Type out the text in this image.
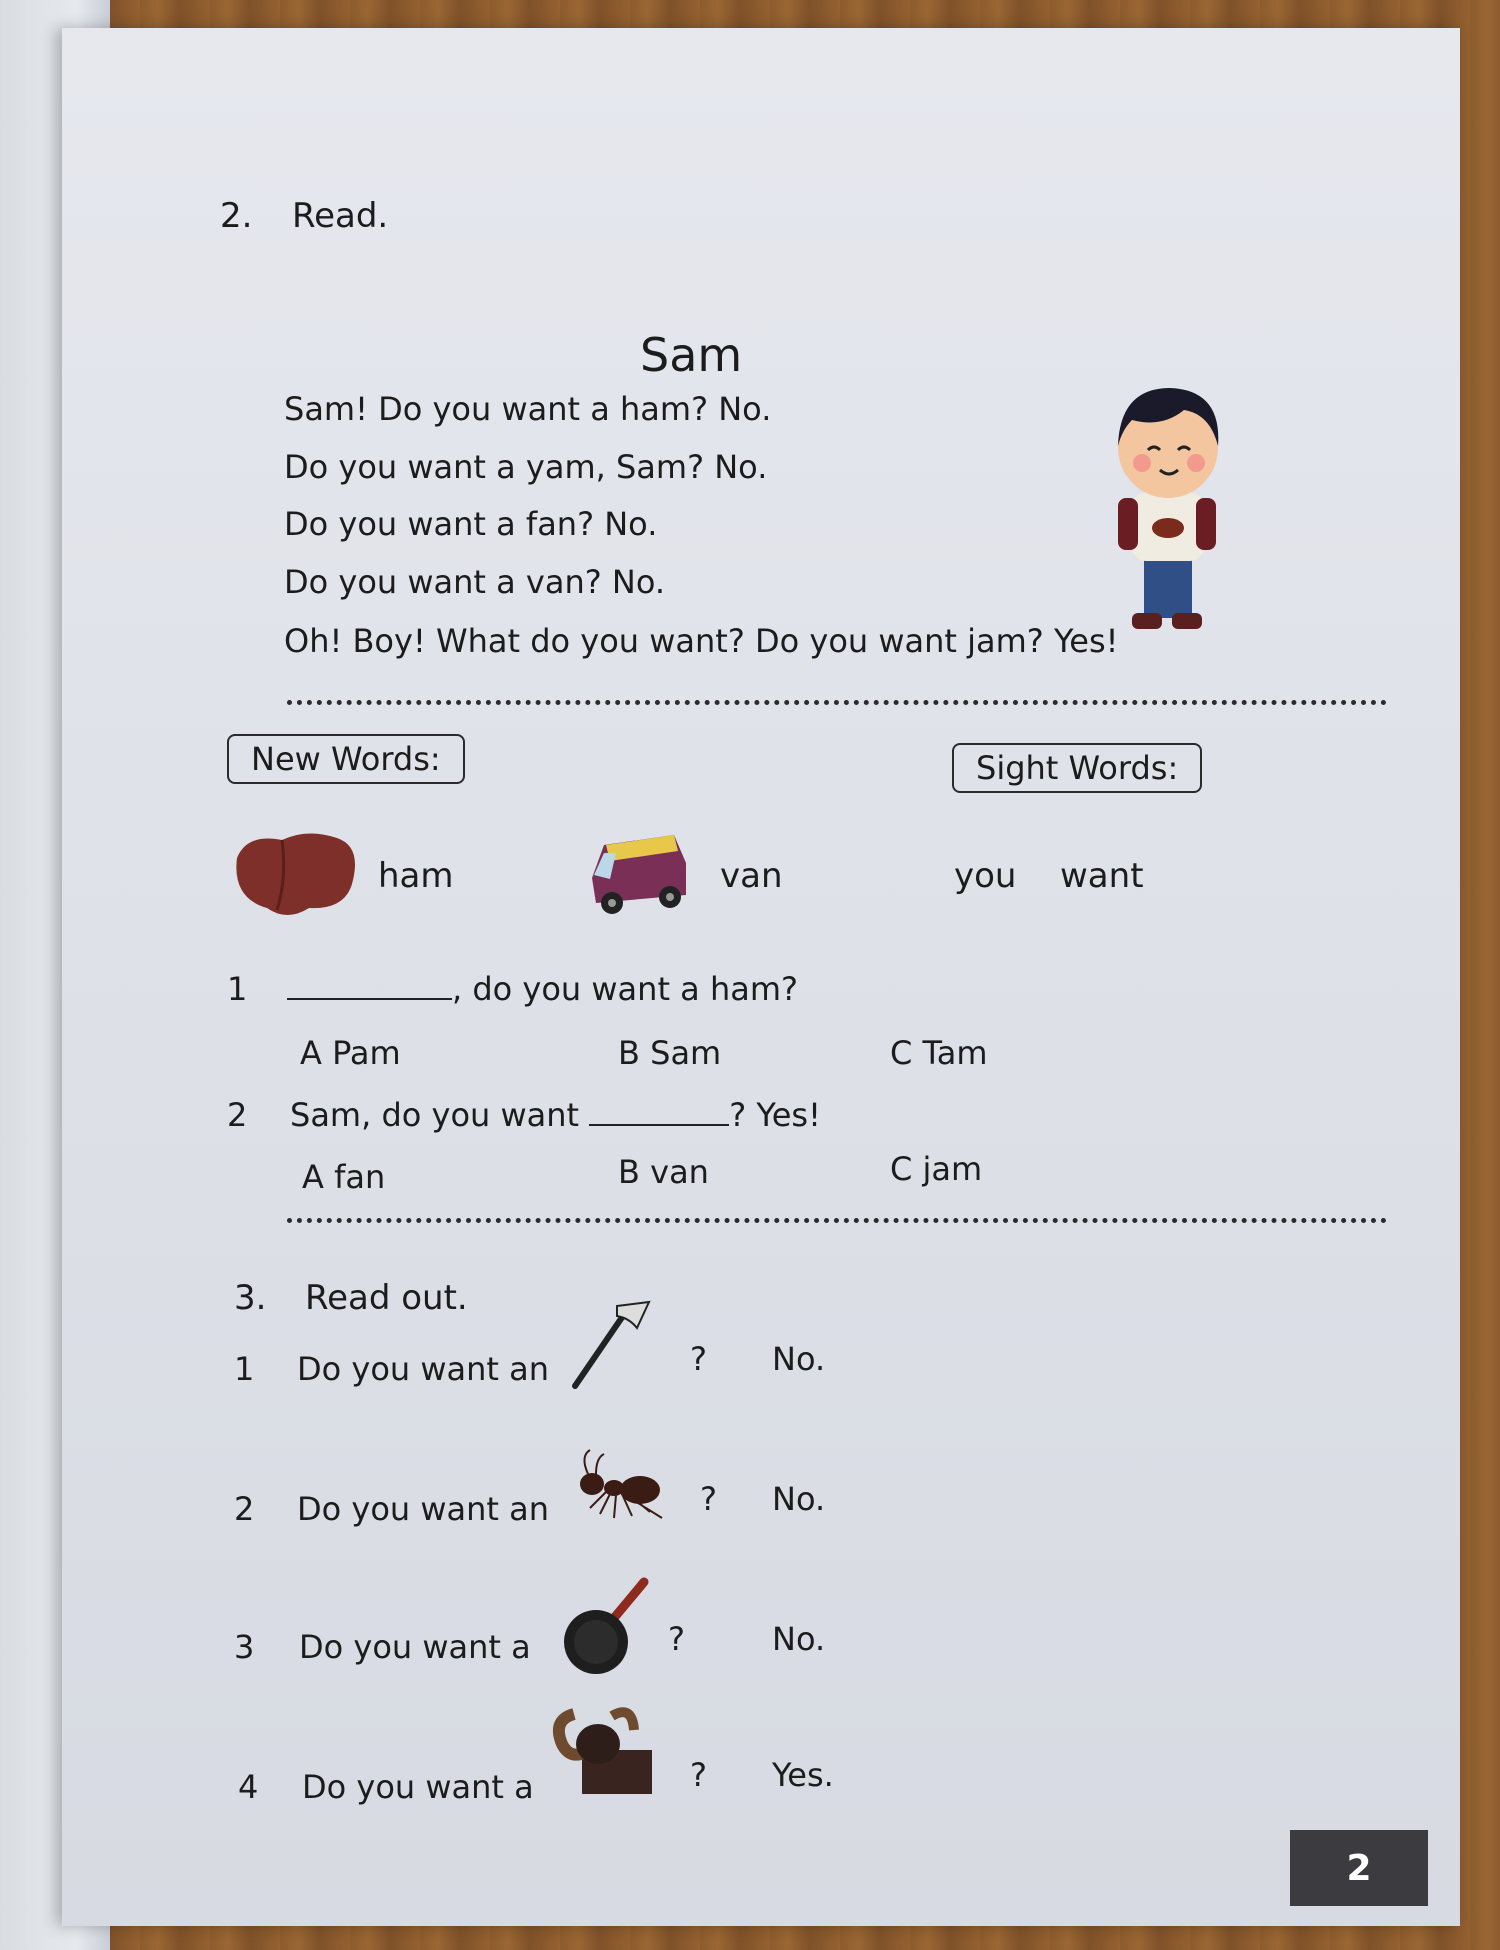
2. Read.
Sam
Sam! Do you want a ham? No.
Do you want a yam, Sam? No.
Do you want a fan? No.
Do you want a van? No.
Oh! Boy! What do you want? Do you want jam? Yes!
New Words:	Sight Words:
ham	van	you want
1	, do you want a ham?
A Pam	B Sam	C Tam
2 Sam, do you want	? Yes!
A fan	B van	C jam
3. Read out.
1 Do you want an	? No.
2 Do you want an	? No.
3 Do you want a	?	No.
4 Do you want a	? Yes.
2
